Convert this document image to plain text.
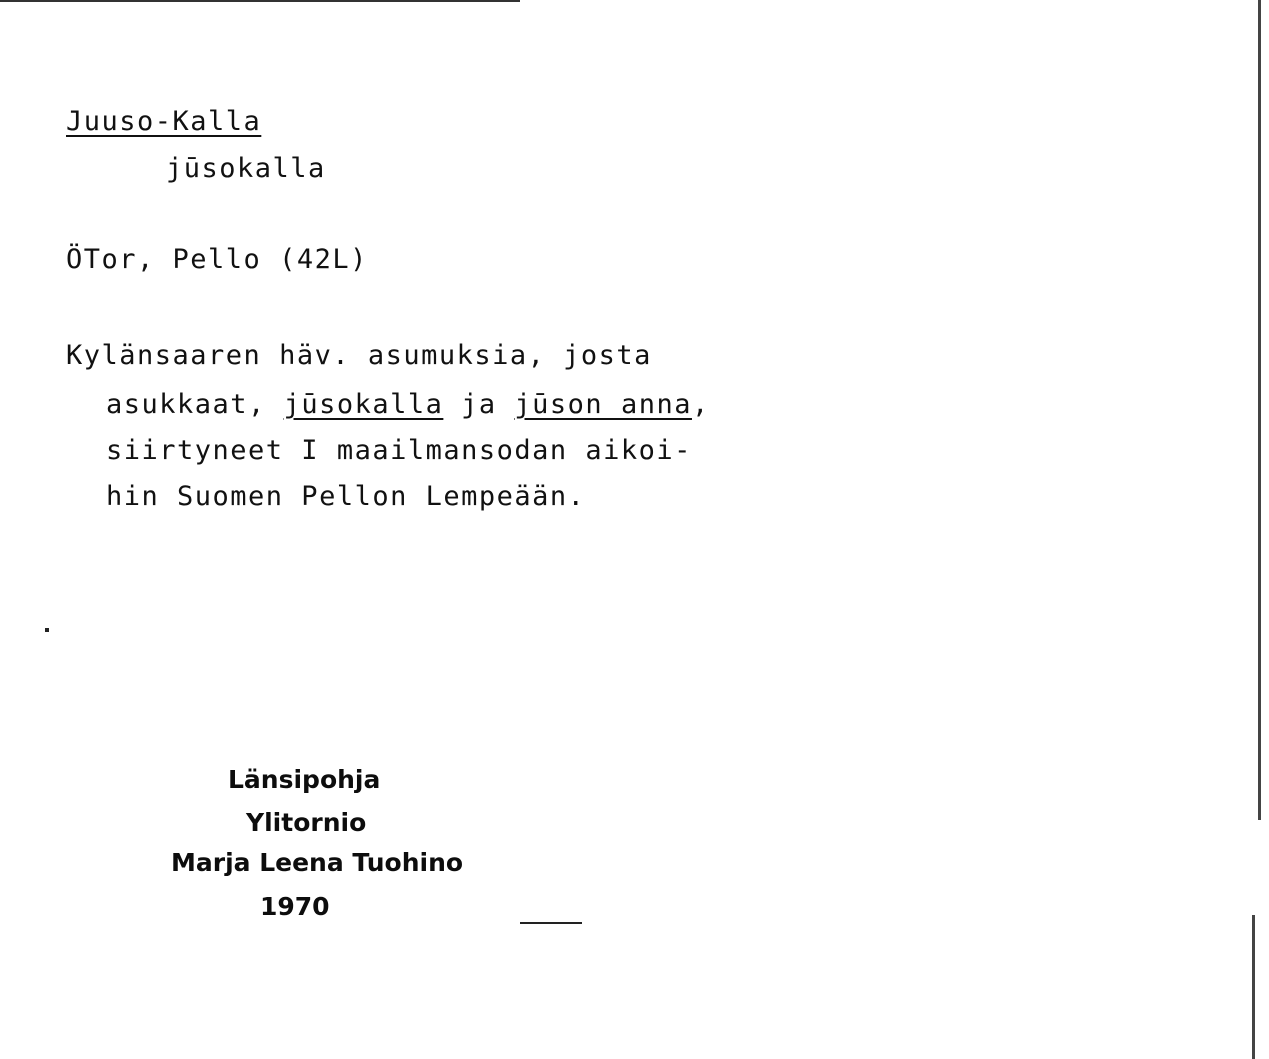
Juuso-Kalla
jūsokalla
ÖTor, Pello (42L)
Kylänsaaren häv. asumuksia, josta
asukkaat, jūsokalla ja jūson anna,
siirtyneet I maailmansodan aikoi-
hin Suomen Pellon Lempeään.
Länsipohja
Ylitornio
Marja Leena Tuohino
1970
